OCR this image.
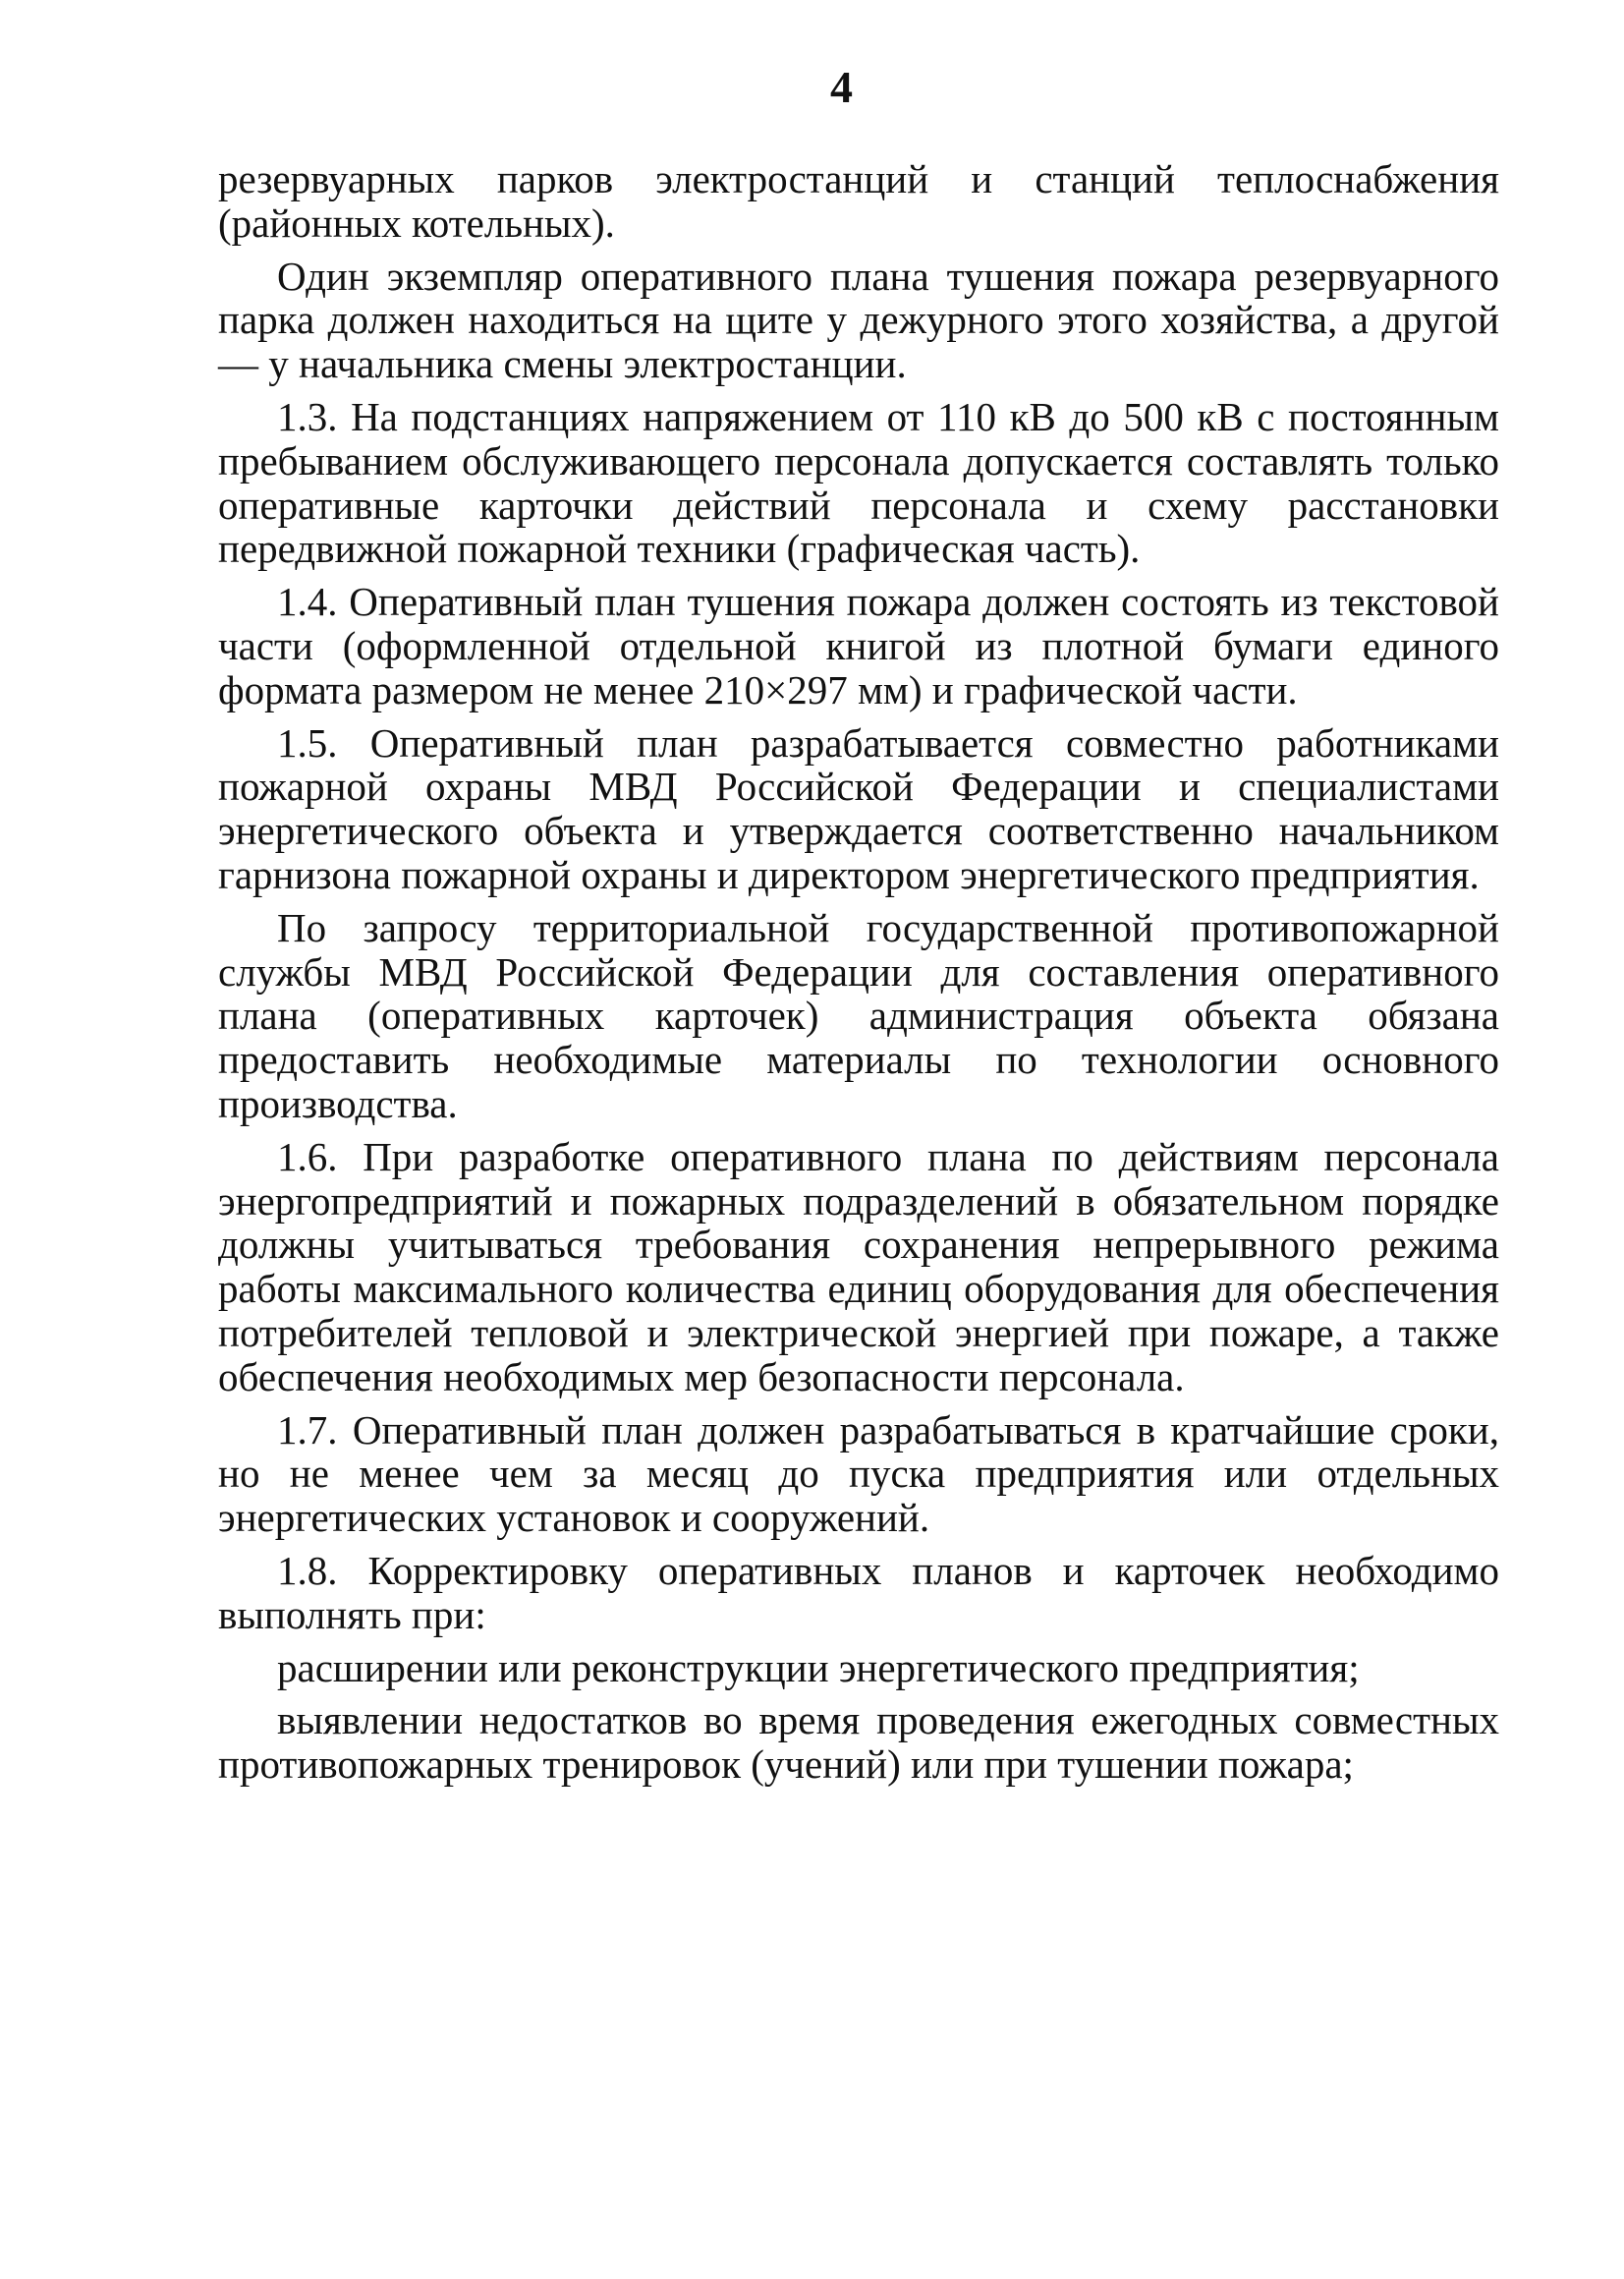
4

резервуарных парков электростанций и станций теплоснабжения (районных котельных).

Один экземпляр оперативного плана тушения пожара резервуарного парка должен находиться на щите у дежурного этого хозяйства, а другой — у начальника смены электростанции.

1.3. На подстанциях напряжением от 110 кВ до 500 кВ с постоянным пребыванием обслуживающего персонала допускается составлять только оперативные карточки действий персонала и схему расстановки передвижной пожарной техники (графическая часть).

1.4. Оперативный план тушения пожара должен состоять из текстовой части (оформленной отдельной книгой из плотной бумаги единого формата размером не менее 210×297 мм) и графической части.

1.5. Оперативный план разрабатывается совместно работниками пожарной охраны МВД Российской Федерации и специалистами энергетического объекта и утверждается соответственно начальником гарнизона пожарной охраны и директором энергетического предприятия.

По запросу территориальной государственной противопожарной службы МВД Российской Федерации для составления оперативного плана (оперативных карточек) администрация объекта обязана предоставить необходимые материалы по технологии основного производства.

1.6. При разработке оперативного плана по действиям персонала энергопредприятий и пожарных подразделений в обязательном порядке должны учитываться требования сохранения непрерывного режима работы максимального количества единиц оборудования для обеспечения потребителей тепловой и электрической энергией при пожаре, а также обеспечения необходимых мер безопасности персонала.

1.7. Оперативный план должен разрабатываться в кратчайшие сроки, но не менее чем за месяц до пуска предприятия или отдельных энергетических установок и сооружений.

1.8. Корректировку оперативных планов и карточек необходимо выполнять при:

расширении или реконструкции энергетического предприятия;

выявлении недостатков во время проведения ежегодных совместных противопожарных тренировок (учений) или при тушении пожара;
